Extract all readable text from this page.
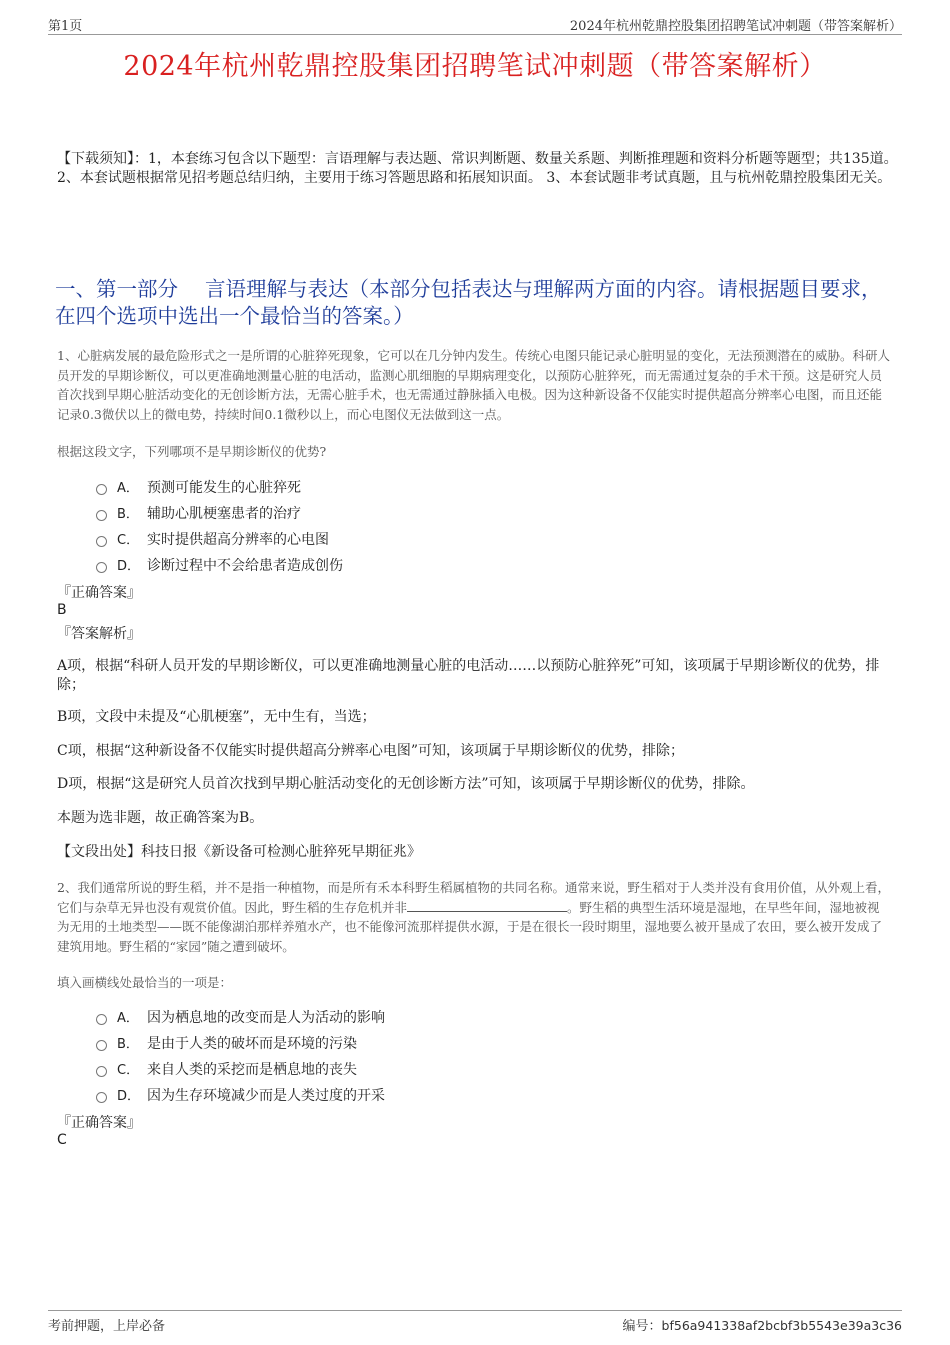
第1页	2024年杭州乾鼎控股集团招聘笔试冲刺题（带答案解析）
2024年杭州乾鼎控股集团招聘笔试冲刺题（带答案解析）
【下载须知】：1，本套练习包含以下题型：言语理解与表达题、常识判断题、数量关系题、判断推理题和资料分析题等题型；共135道。 2、本套试题根据常见招考题总结归纳，主要用于练习答题思路和拓展知识面。 3、本套试题非考试真题，且与杭州乾鼎控股集团无关。
一、第一部分　 言语理解与表达（本部分包括表达与理解两方面的内容。请根据题目要求，在四个选项中选出一个最恰当的答案。）
1、心脏病发展的最危险形式之一是所谓的心脏猝死现象，它可以在几分钟内发生。传统心电图只能记录心脏明显的变化，无法预测潜在的威胁。科研人员开发的早期诊断仪，可以更准确地测量心脏的电活动，监测心肌细胞的早期病理变化，以预防心脏猝死，而无需通过复杂的手术干预。这是研究人员首次找到早期心脏活动变化的无创诊断方法，无需心脏手术，也无需通过静脉插入电极。因为这种新设备不仅能实时提供超高分辨率心电图，而且还能记录0.3微伏以上的微电势，持续时间0.1微秒以上，而心电图仪无法做到这一点。
根据这段文字，下列哪项不是早期诊断仪的优势?
A． 预测可能发生的心脏猝死
B． 辅助心肌梗塞患者的治疗
C． 实时提供超高分辨率的心电图
D． 诊断过程中不会给患者造成创伤
『正确答案』
B
『答案解析』
A项，根据“科研人员开发的早期诊断仪，可以更准确地测量心脏的电活动……以预防心脏猝死”可知，该项属于早期诊断仪的优势，排除；
B项，文段中未提及“心肌梗塞”，无中生有，当选；
C项，根据“这种新设备不仅能实时提供超高分辨率心电图”可知，该项属于早期诊断仪的优势，排除；
D项，根据“这是研究人员首次找到早期心脏活动变化的无创诊断方法”可知，该项属于早期诊断仪的优势，排除。
本题为选非题，故正确答案为B。
【文段出处】科技日报《新设备可检测心脏猝死早期征兆》
2、我们通常所说的野生稻，并不是指一种植物，而是所有禾本科野生稻属植物的共同名称。通常来说，野生稻对于人类并没有食用价值，从外观上看，它们与杂草无异也没有观赏价值。因此，野生稻的生存危机并非	。野生稻的典型生活环境是湿地，在早些年间，湿地被视为无用的土地类型——既不能像湖泊那样养殖水产，也不能像河流那样提供水源，于是在很长一段时期里，湿地要么被开垦成了农田，要么被开发成了建筑用地。野生稻的“家园”随之遭到破坏。
填入画横线处最恰当的一项是：
A． 因为栖息地的改变而是人为活动的影响
B． 是由于人类的破坏而是环境的污染
C． 来自人类的采挖而是栖息地的丧失
D． 因为生存环境减少而是人类过度的开采
『正确答案』
C
考前押题，上岸必备	编号：bf56a941338af2bcbf3b5543e39a3c36
